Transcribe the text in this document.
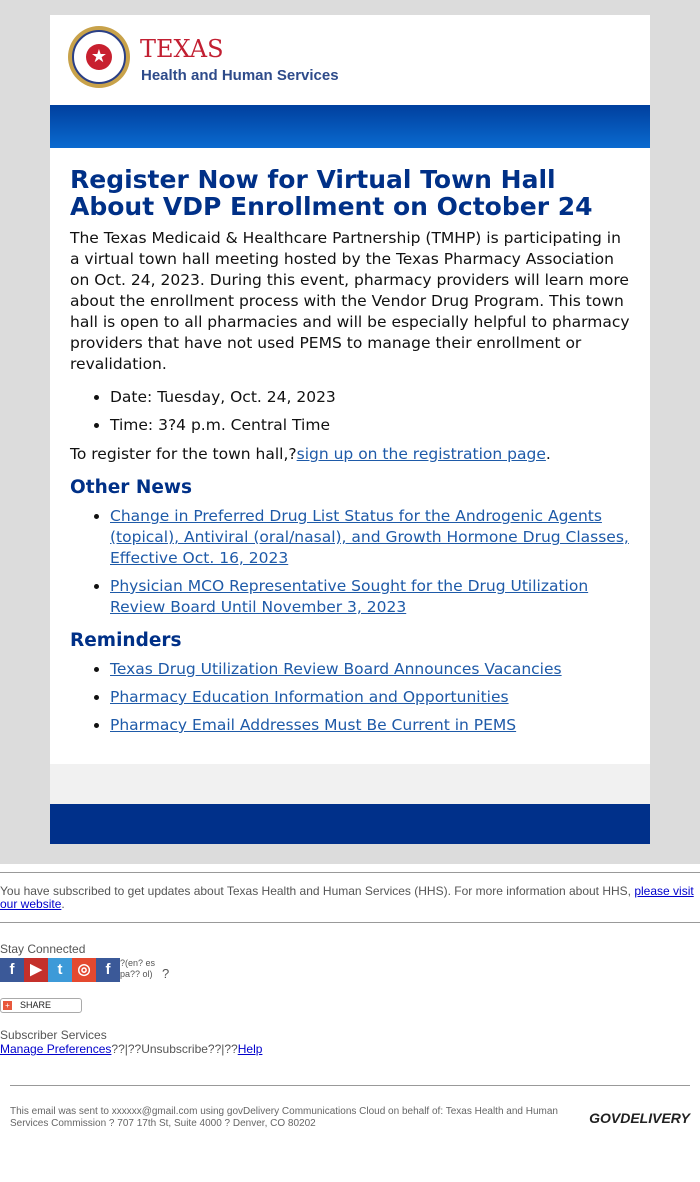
★ TEXAS
Health and Human Services
Register Now for Virtual Town Hall About VDP Enrollment on October 24

The Texas Medicaid & Healthcare Partnership (TMHP) is participating in a virtual town hall meeting hosted by the Texas Pharmacy Association on Oct. 24, 2023. During this event, pharmacy providers will learn more about the enrollment process with the Vendor Drug Program. This town hall is open to all pharmacies and will be especially helpful to pharmacy providers that have not used PEMS to manage their enrollment or revalidation.

• Date: Tuesday, Oct. 24, 2023
• Time: 3?4 p.m. Central Time

To register for the town hall,?sign up on the registration page.

Other News
• Change in Preferred Drug List Status for the Androgenic Agents (topical), Antiviral (oral/nasal), and Growth Hormone Drug Classes, Effective Oct. 16, 2023
• Physician MCO Representative Sought for the Drug Utilization Review Board Until November 3, 2023
Reminders
• Texas Drug Utilization Review Board Announces Vacancies
• Pharmacy Education Information and Opportunities
• Pharmacy Email Addresses Must Be Current in PEMS
You have subscribed to get updates about Texas Health and Human Services (HHS). For more information about HHS, please visit our website.
Stay Connected
f	▶	t ◎ f	?(en? espa?? ol) ?
+ SHARE
Subscriber Services
Manage Preferences??|??Unsubscribe??|??Help
This email was sent to xxxxxx@gmail.com using govDelivery Communications Cloud on behalf of: Texas Health and Human Services Commission ? 707 17th St, Suite 4000 ? Denver, CO 80202	GOVDELIVERY
